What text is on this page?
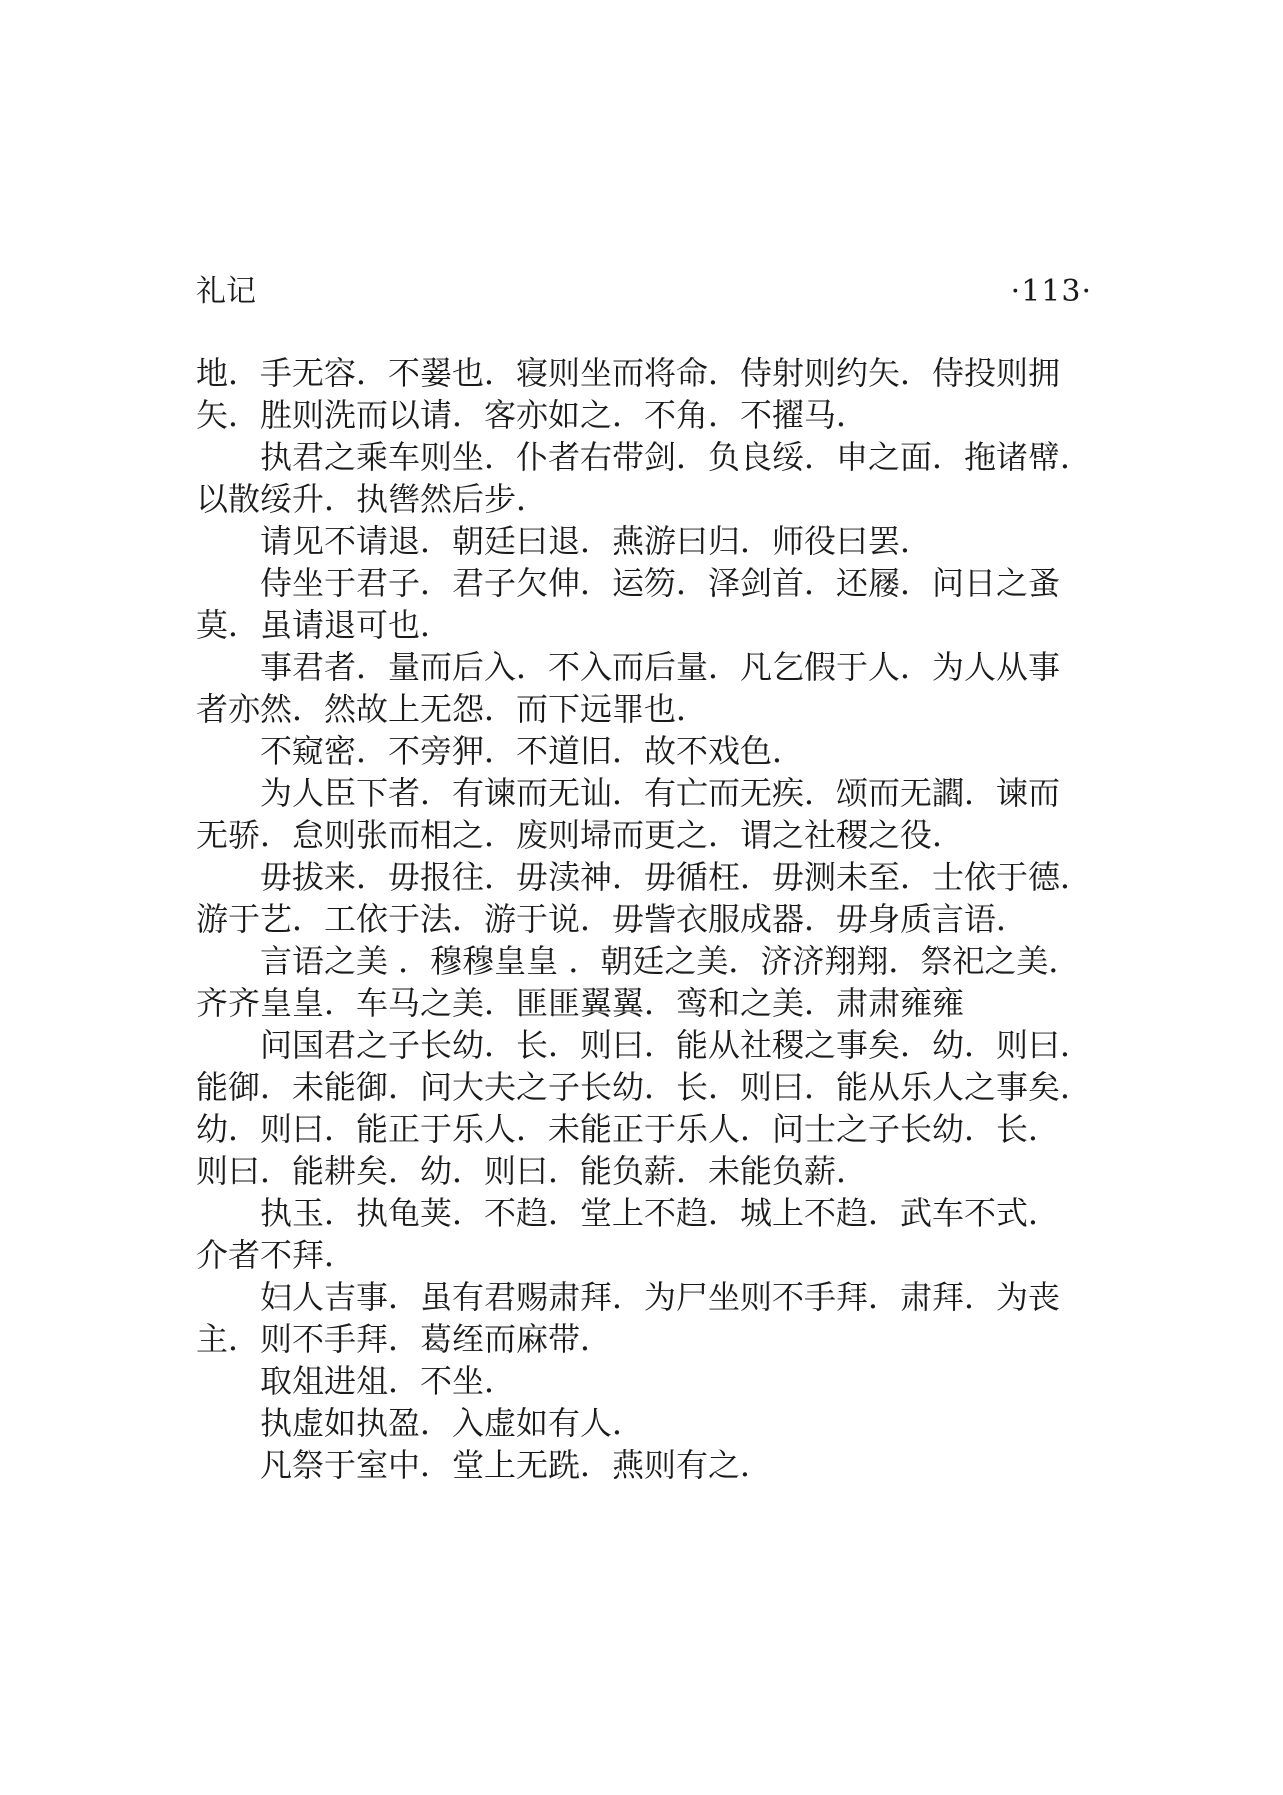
礼记	·113·
地．手无容．不翣也．寝则坐而将命．侍射则约矢．侍投则拥
矢．胜则洗而以请．客亦如之．不角．不擢马．
执君之乘车则坐．仆者右带剑．负良绥．申之面．拖诸幦．
以散绥升．执辔然后步．
请见不请退．朝廷曰退．燕游曰归．师役曰罢．
侍坐于君子．君子欠伸．运笏．泽剑首．还屦．问日之蚤
莫．虽请退可也．
事君者．量而后入．不入而后量．凡乞假于人．为人从事
者亦然．然故上无怨．而下远罪也．
不窥密．不旁狎．不道旧．故不戏色．
为人臣下者．有谏而无讪．有亡而无疾．颂而无讇．谏而
无骄．怠则张而相之．废则埽而更之．谓之社稷之役．
毋拔来．毋报往．毋渎神．毋循枉．毋测未至．士依于德．
游于艺．工依于法．游于说．毋訾衣服成器．毋身质言语．
言语之美 ．穆穆皇皇 ．朝廷之美．济济翔翔．祭祀之美．
齐齐皇皇．车马之美．匪匪翼翼．鸾和之美．肃肃雍雍
问国君之子长幼．长．则曰．能从社稷之事矣．幼．则曰．
能御．未能御．问大夫之子长幼．长．则曰．能从乐人之事矣．
幼．则曰．能正于乐人．未能正于乐人．问士之子长幼．长．
则曰．能耕矣．幼．则曰．能负薪．未能负薪．
执玉．执龟荚．不趋．堂上不趋．城上不趋．武车不式．
介者不拜．
妇人吉事．虽有君赐肃拜．为尸坐则不手拜．肃拜．为丧
主．则不手拜．葛绖而麻带．
取俎进俎．不坐．
执虚如执盈．入虚如有人．
凡祭于室中．堂上无跣．燕则有之．
